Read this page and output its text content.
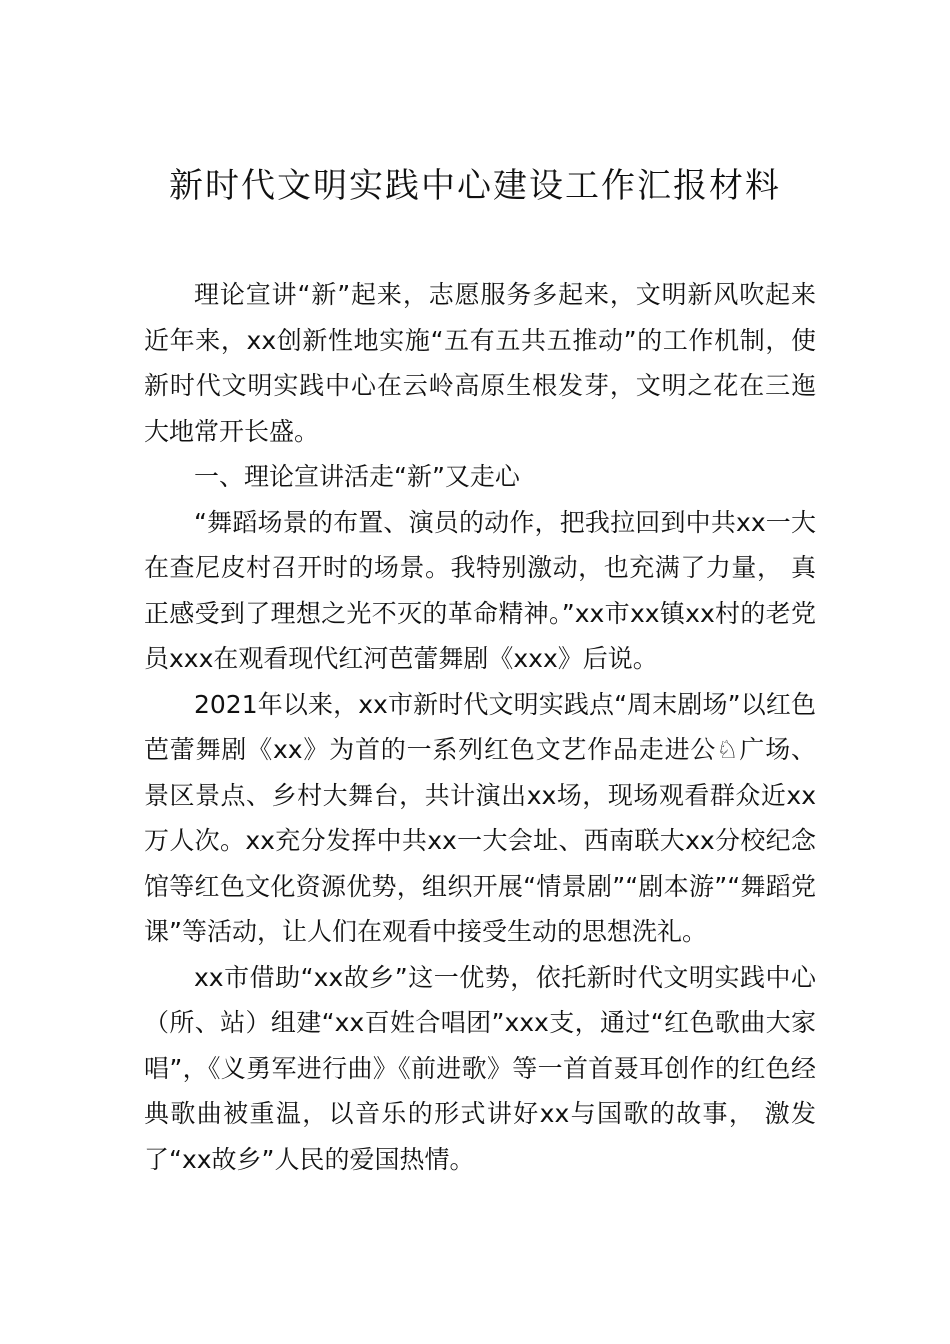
新时代文明实践中心建设工作汇报材料

理论宣讲“新”起来，志愿服务多起来，文明新风吹起来近年来，xx创新性地实施“五有五共五推动”的工作机制，使新时代文明实践中心在云岭高原生根发芽，文明之花在三迤大地常开长盛。

一、理论宣讲活走“新”又走心

“舞蹈场景的布置、演员的动作，把我拉回到中共xx一大在查尼皮村召开时的场景。我特别激动，也充满了力量， 真正感受到了理想之光不灭的革命精神。”xx市xx镇xx村的老党员xxx在观看现代红河芭蕾舞剧《xxx》后说。

2021年以来，xx市新时代文明实践点“周末剧场”以红色芭蕾舞剧《xx》为首的一系列红色文艺作品走进公♘广场、景区景点、乡村大舞台，共计演出xx场，现场观看群众近xx万人次。xx充分发挥中共xx一大会址、西南联大xx分校纪念馆等红色文化资源优势，组织开展“情景剧”“剧本游”“舞蹈党课”等活动，让人们在观看中接受生动的思想洗礼。

xx市借助“xx故乡”这一优势，依托新时代文明实践中心（所、站）组建“xx百姓合唱团”xxx支，通过“红色歌曲大家唱”，《义勇军进行曲》《前进歌》等一首首聂耳创作的红色经典歌曲被重温，以音乐的形式讲好xx与国歌的故事， 激发了“xx故乡”人民的爱国热情。
